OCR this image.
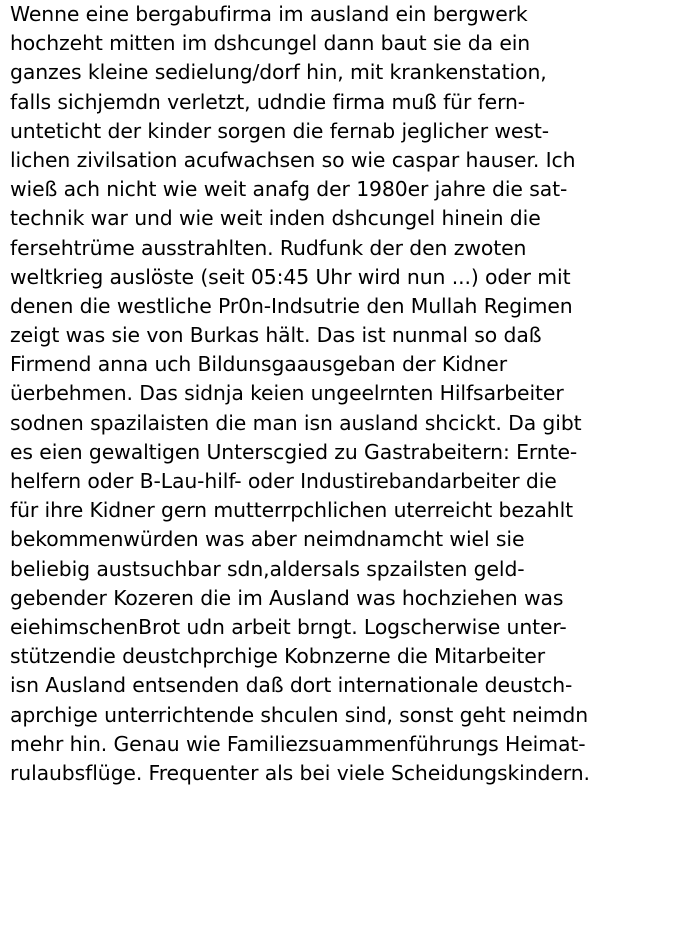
Wenne eine bergabufirma im ausland ein bergwerk
hochzeht mitten im dshcungel dann baut sie da ein
ganzes kleine sedielung/dorf hin, mit krankenstation,
falls sichjemdn verletzt, udndie firma muß für fern-
unteticht der kinder sorgen die fernab jeglicher west-
lichen zivilsation acufwachsen so wie caspar hauser. Ich
wieß ach nicht wie weit anafg der 1980er jahre die sat-
technik war und wie weit inden dshcungel hinein die
fersehtrüme ausstrahlten. Rudfunk der den zwoten
weltkrieg auslöste (seit 05:45 Uhr wird nun ...) oder mit
denen die westliche Pr0n-Indsutrie den Mullah Regimen
zeigt was sie von Burkas hält. Das ist nunmal so daß
Firmend anna uch Bildunsgaausgeban der Kidner
üerbehmen. Das sidnja keien ungeelrnten Hilfsarbeiter
sodnen spazilaisten die man isn ausland shcickt. Da gibt
es eien gewaltigen Unterscgied zu Gastrabeitern: Ernte-
helfern oder B-Lau-hilf- oder Industirebandarbeiter die
für ihre Kidner gern mutterrpchlichen uterreicht bezahlt
bekommenwürden was aber neimdnamcht wiel sie
beliebig austsuchbar sdn,aldersals spzailsten geld-
gebender Kozeren die im Ausland was hochziehen was
eiehimschenBrot udn arbeit brngt. Logscherwise unter-
stützendie deustchprchige Kobnzerne die Mitarbeiter
isn Ausland entsenden daß dort internationale deustch-
aprchige unterrichtende shculen sind, sonst geht neimdn
mehr hin. Genau wie Familiezsuammenführungs Heimat-
rulaubsflüge. Frequenter als bei viele Scheidungskindern.
